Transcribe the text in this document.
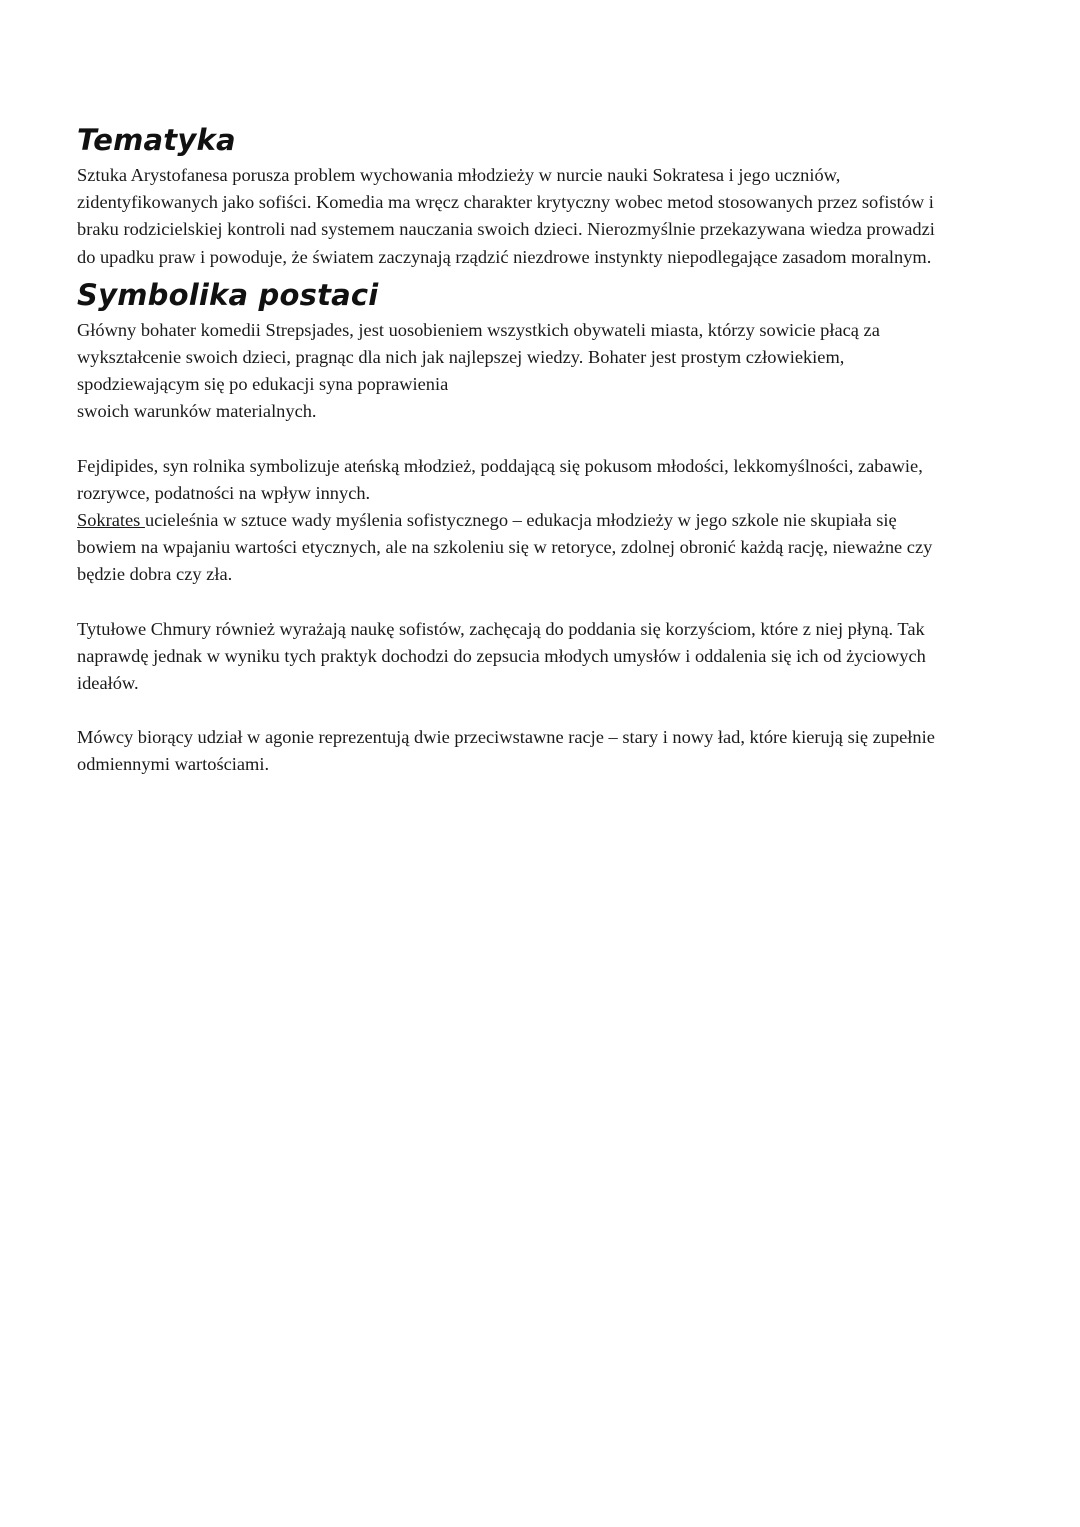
Tematyka
Sztuka Arystofanesa porusza problem wychowania młodzieży w nurcie nauki Sokratesa i jego uczniów,
zidentyfikowanych jako sofiści. Komedia ma wręcz charakter krytyczny wobec metod stosowanych przez sofistów i
braku rodzicielskiej kontroli nad systemem nauczania swoich dzieci. Nierozmyślnie przekazywana wiedza prowadzi
do upadku praw i powoduje, że światem zaczynają rządzić niezdrowe instynkty niepodlegające zasadom moralnym.
Symbolika postaci
Główny bohater komedii Strepsjades, jest uosobieniem wszystkich obywateli miasta, którzy sowicie płacą za
wykształcenie swoich dzieci, pragnąc dla nich jak najlepszej wiedzy. Bohater jest prostym człowiekiem,
spodziewającym się po edukacji syna poprawienia
swoich warunków materialnych.
Fejdipides, syn rolnika symbolizuje ateńską młodzież, poddającą się pokusom młodości, lekkomyślności, zabawie,
rozrywce, podatności na wpływ innych.
Sokrates ucieleśnia w sztuce wady myślenia sofistycznego – edukacja młodzieży w jego szkole nie skupiała się
bowiem na wpajaniu wartości etycznych, ale na szkoleniu się w retoryce, zdolnej obronić każdą rację, nieważne czy
będzie dobra czy zła.
Tytułowe Chmury również wyrażają naukę sofistów, zachęcają do poddania się korzyściom, które z niej płyną. Tak
naprawdę jednak w wyniku tych praktyk dochodzi do zepsucia młodych umysłów i oddalenia się ich od życiowych
ideałów.
Mówcy biorący udział w agonie reprezentują dwie przeciwstawne racje – stary i nowy ład, które kierują się zupełnie
odmiennymi wartościami.
